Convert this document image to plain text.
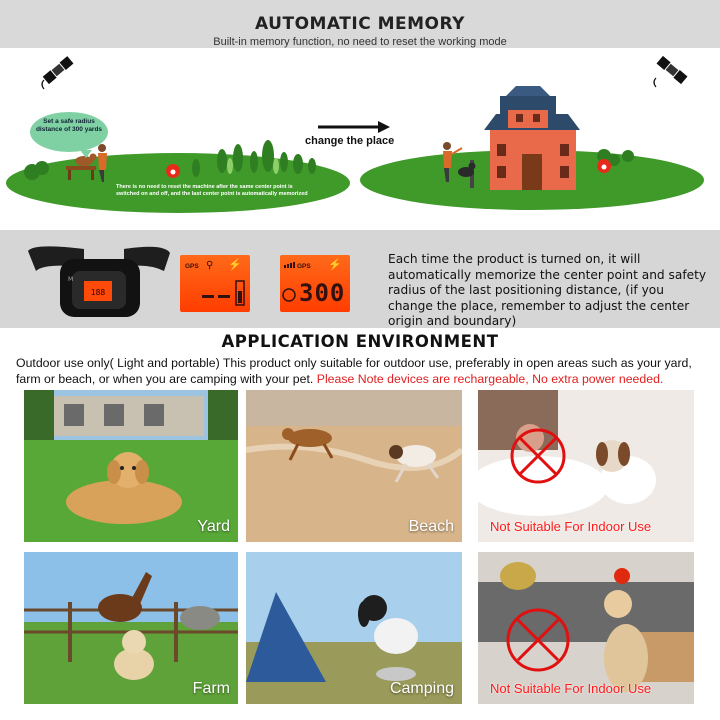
AUTOMATIC MEMORY
Built-in memory function, no need to reset the working mode
Set a safe radius distance of 300 yards
change the place
There is no need to reset the machine after the same center point is switched on and off, and the last center point is automatically memorized
188
M
GPS ⚲ ⚡	GPS ⚡
300
Each time the product is turned on, it will automatically memorize the center point and safety radius of the last positioning distance, (if you change the place, remember to adjust the center origin and boundary)
APPLICATION ENVIRONMENT
Outdoor use only( Light and portable) This product only suitable for outdoor use, preferably in open areas such as your yard, farm or beach, or when you are camping with your pet. Please Note devices are rechargeable, No extra power needed.
Yard	Beach	Not Suitable For Indoor Use
Farm	Camping	Not Suitable For Indoor Use
